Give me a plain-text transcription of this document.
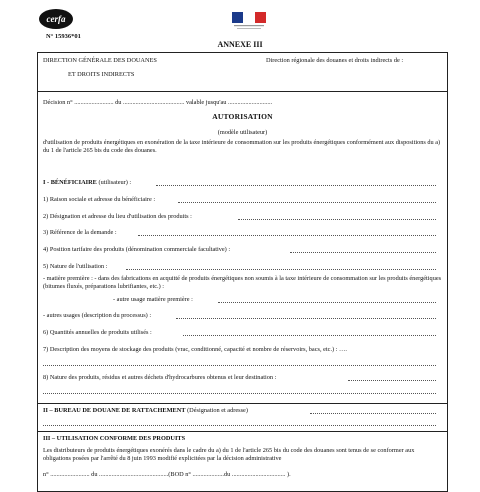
cerfa
N° 15936*01
ANNEXE III
DIRECTION GÉNÉRALE DES DOUANES
ET DROITS INDIRECTS
Direction régionale des douanes et droits indirects de :
Décision n° ......................... du ....................................... valable jusqu'au ............................
AUTORISATION
(modèle utilisateur)
d'utilisation de produits énergétiques en exonération de la taxe intérieure de consommation sur les produits énergétiques conformément aux dispositions du a) du 1 de l'article 265 bis du code des douanes.
I - BÉNÉFICIAIRE (utilisateur) :
1) Raison sociale et adresse du bénéficiaire :
2) Désignation et adresse du lieu d'utilisation des produits :
3) Référence de la demande :
4) Position tarifaire des produits (dénomination commerciale facultative) :
5) Nature de l'utilisation :
- matière première : - dans des fabrications en acquitté de produits énergétiques non soumis à la taxe intérieure de consommation sur les produits énergétiques (bitumes fluxés, préparations lubrifiantes, etc.) :
- autre usage matière première :
- autres usages (description du processus) :
6) Quantités annuelles de produits utilisés :
7) Description des moyens de stockage des produits (vrac, conditionné, capacité et nombre de réservoirs, bacs, etc.) : ….
8) Nature des produits, résidus et autres déchets d'hydrocarbures obtenus et leur destination :
II – BUREAU DE DOUANE DE RATTACHEMENT (Désignation et adresse)
III – UTILISATION CONFORME DES PRODUITS
Les distributeurs de produits énergétiques exonérés dans le cadre du a) du 1 de l'article 265 bis du code des douanes sont tenus de se conformer aux obligations posées par l'arrêté du 8 juin 1993 modifié explicitées par la décision administrative
n° ......................... du ............................................(BOD n° ....................du .................................. ).
